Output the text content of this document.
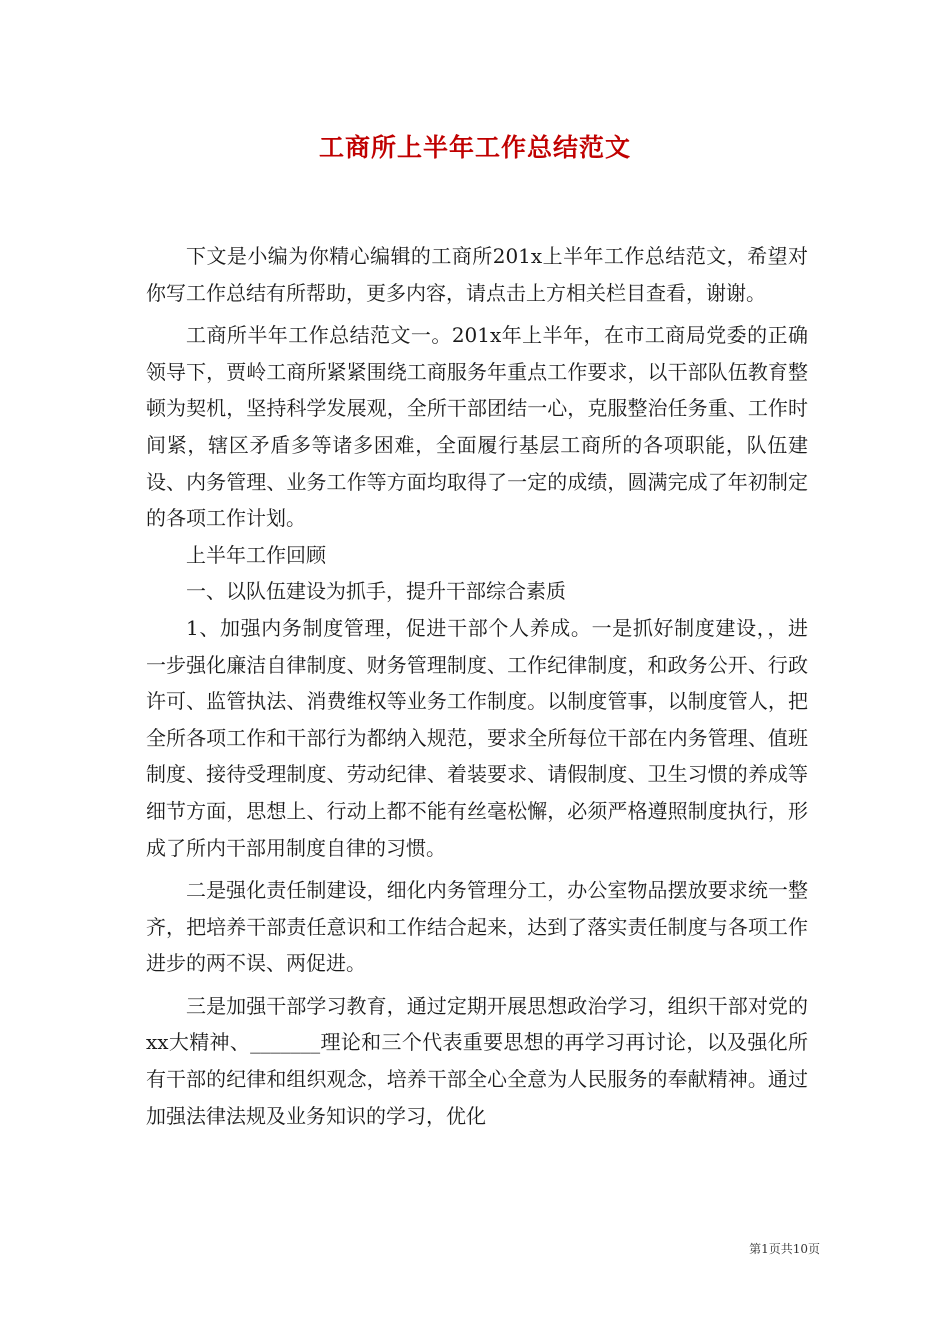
工商所上半年工作总结范文

下文是小编为你精心编辑的工商所201x上半年工作总结范文，希望对你写工作总结有所帮助，更多内容，请点击上方相关栏目查看，谢谢。

工商所半年工作总结范文一。201x年上半年，在市工商局党委的正确领导下，贾岭工商所紧紧围绕工商服务年重点工作要求，以干部队伍教育整顿为契机，坚持科学发展观，全所干部团结一心，克服整治任务重、工作时间紧，辖区矛盾多等诸多困难，全面履行基层工商所的各项职能，队伍建设、内务管理、业务工作等方面均取得了一定的成绩，圆满完成了年初制定的各项工作计划。

上半年工作回顾

一、以队伍建设为抓手，提升干部综合素质

1、加强内务制度管理，促进干部个人养成。一是抓好制度建设，，进一步强化廉洁自律制度、财务管理制度、工作纪律制度，和政务公开、行政许可、监管执法、消费维权等业务工作制度。以制度管事，以制度管人，把全所各项工作和干部行为都纳入规范，要求全所每位干部在内务管理、值班制度、接待受理制度、劳动纪律、着装要求、请假制度、卫生习惯的养成等细节方面，思想上、行动上都不能有丝毫松懈，必须严格遵照制度执行，形成了所内干部用制度自律的习惯。

二是强化责任制建设，细化内务管理分工，办公室物品摆放要求统一整齐，把培养干部责任意识和工作结合起来，达到了落实责任制度与各项工作进步的两不误、两促进。

三是加强干部学习教育，通过定期开展思想政治学习，组织干部对党的xx大精神、_______理论和三个代表重要思想的再学习再讨论，以及强化所有干部的纪律和组织观念，培养干部全心全意为人民服务的奉献精神。通过加强法律法规及业务知识的学习，优化

第1页共10页
